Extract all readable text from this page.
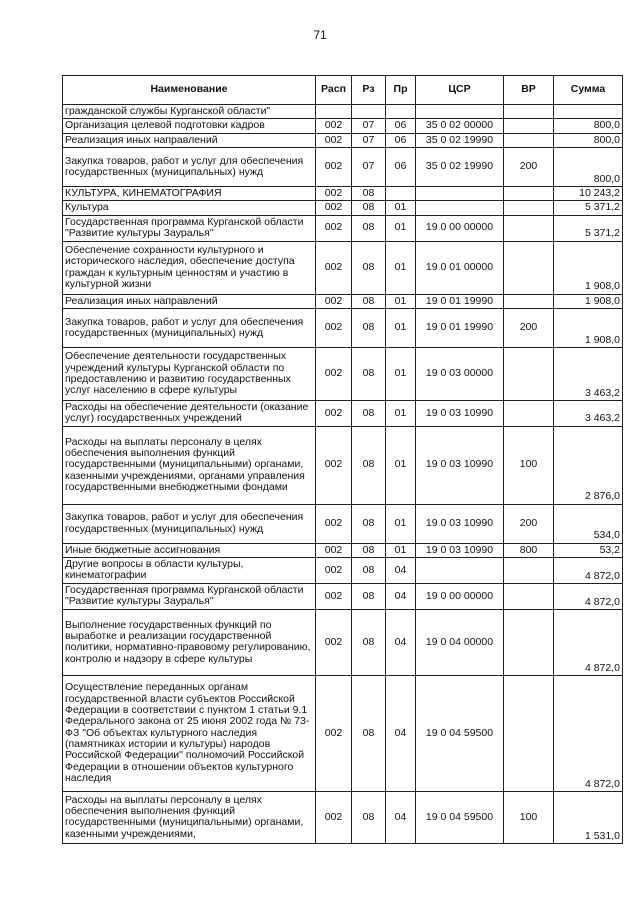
71
Наименование	Расп	Рз	Пр	ЦСР	ВР	Сумма
гражданской службы Курганской области"						
Организация целевой подготовки кадров	002	07	06	35 0 02 00000		800,0
Реализация иных направлений	002	07	06	35 0 02 19990		800,0
Закупка товаров, работ и услуг для обеспечения государственных (муниципальных) нужд	002	07	06	35 0 02 19990	200	800,0
КУЛЬТУРА, КИНЕМАТОГРАФИЯ	002	08				10 243,2
Культура	002	08	01			5 371,2
Государственная программа Курганской области "Развитие культуры Зауралья"	002	08	01	19 0 00 00000		5 371,2
Обеспечение сохранности культурного и исторического наследия, обеспечение доступа граждан к культурным ценностям и участию в культурной жизни	002	08	01	19 0 01 00000		1 908,0
Реализация иных направлений	002	08	01	19 0 01 19990		1 908,0
Закупка товаров, работ и услуг для обеспечения государственных (муниципальных) нужд	002	08	01	19 0 01 19990	200	1 908,0
Обеспечение деятельности государственных учреждений культуры Курганской области по предоставлению и развитию государственных услуг населению в сфере культуры	002	08	01	19 0 03 00000		3 463,2
Расходы на обеспечение деятельности (оказание услуг) государственных учреждений	002	08	01	19 0 03 10990		3 463,2
Расходы на выплаты персоналу в целях обеспечения выполнения функций государственными (муниципальными) органами, казенными учреждениями, органами управления государственными внебюджетными фондами	002	08	01	19 0 03 10990	100	2 876,0
Закупка товаров, работ и услуг для обеспечения государственных (муниципальных) нужд	002	08	01	19 0 03 10990	200	534,0
Иные бюджетные ассигнования	002	08	01	19 0 03 10990	800	53,2
Другие вопросы в области культуры, кинематографии	002	08	04			4 872,0
Государственная программа Курганской области "Развитие культуры Зауралья"	002	08	04	19 0 00 00000		4 872,0
Выполнение государственных функций по выработке и реализации государственной политики, нормативно-правовому регулированию, контролю и надзору в сфере культуры	002	08	04	19 0 04 00000		4 872,0
Осуществление переданных органам государственной власти субъектов Российской Федерации в соответствии с пунктом 1 статьи 9.1 Федерального закона от 25 июня 2002 года № 73-ФЗ "Об объектах культурного наследия (памятниках истории и культуры) народов Российской Федерации" полномочий Российской Федерации в отношении объектов культурного наследия	002	08	04	19 0 04 59500		4 872,0
Расходы на выплаты персоналу в целях обеспечения выполнения функций государственными (муниципальными) органами, казенными учреждениями,	002	08	04	19 0 04 59500	100	1 531,0
